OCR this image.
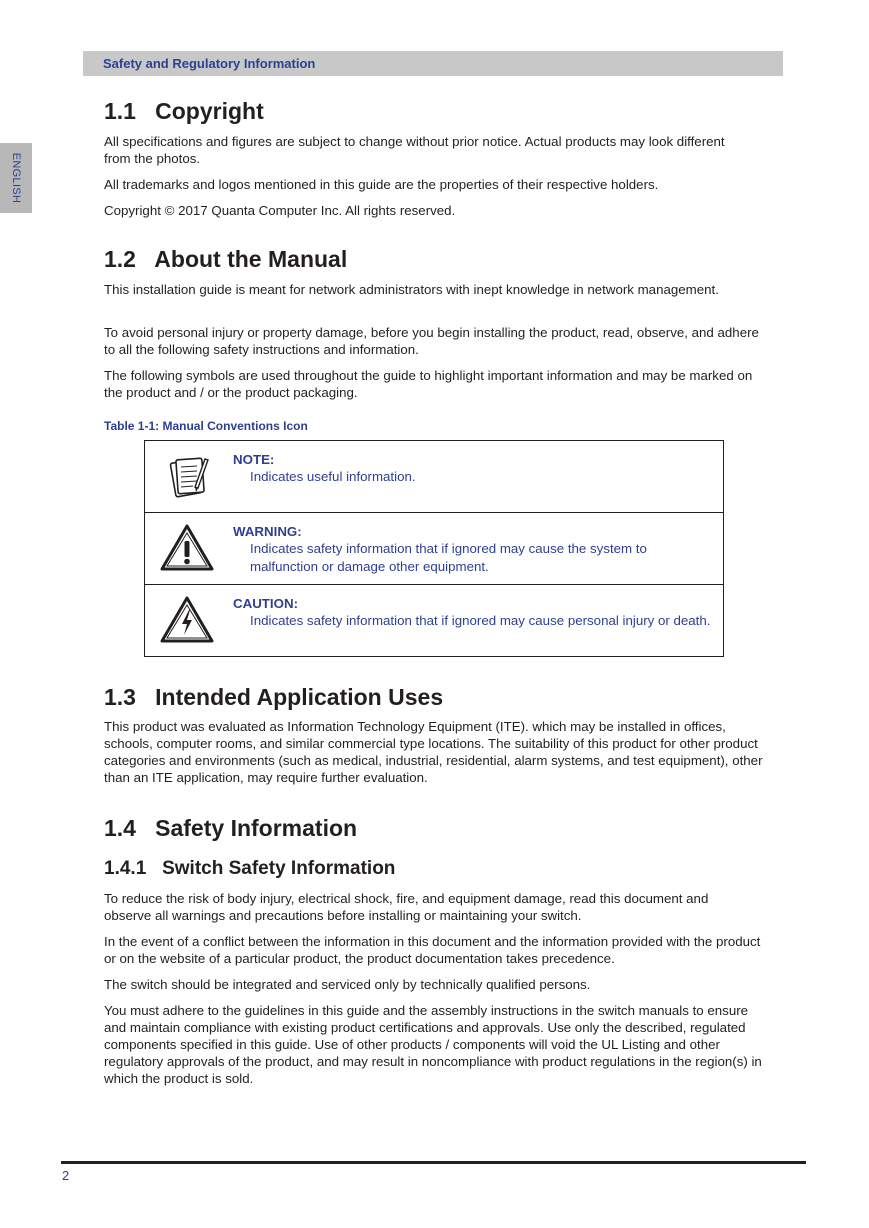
Safety and Regulatory Information
ENGLISH
1.1   Copyright

All specifications and figures are subject to change without prior notice. Actual products may look different from the photos.

All trademarks and logos mentioned in this guide are the properties of their respective holders.

Copyright © 2017 Quanta Computer Inc. All rights reserved.

1.2   About the Manual

This installation guide is meant for network administrators with inept knowledge in network management.

To avoid personal injury or property damage, before you begin installing the product, read, observe, and adhere to all the following safety instructions and information.

The following symbols are used throughout the guide to highlight important information and may be marked on the product and / or the product packaging.

Table 1-1: Manual Conventions Icon

NOTE:
Indicates useful information.

WARNING:
Indicates safety information that if ignored may cause the system to malfunction or damage other equipment.

CAUTION:
Indicates safety information that if ignored may cause personal injury or death.
1.3   Intended Application Uses

This product was evaluated as Information Technology Equipment (ITE). which may be installed in offices, schools, computer rooms, and similar commercial type locations. The suitability of this product for other product categories and environments (such as medical, industrial, residential, alarm systems, and test equipment), other than an ITE application, may require further evaluation.

1.4   Safety Information
1.4.1   Switch Safety Information

To reduce the risk of body injury, electrical shock, fire, and equipment damage, read this document and observe all warnings and precautions before installing or maintaining your switch.

In the event of a conflict between the information in this document and the information provided with the product or on the website of a particular product, the product documentation takes precedence.

The switch should be integrated and serviced only by technically qualified persons.

You must adhere to the guidelines in this guide and the assembly instructions in the switch manuals to ensure and maintain compliance with existing product certifications and approvals. Use only the described, regulated components specified in this guide. Use of other products / components will void the UL Listing and other regulatory approvals of the product, and may result in noncompliance with product regulations in the region(s) in which the product is sold.

2
